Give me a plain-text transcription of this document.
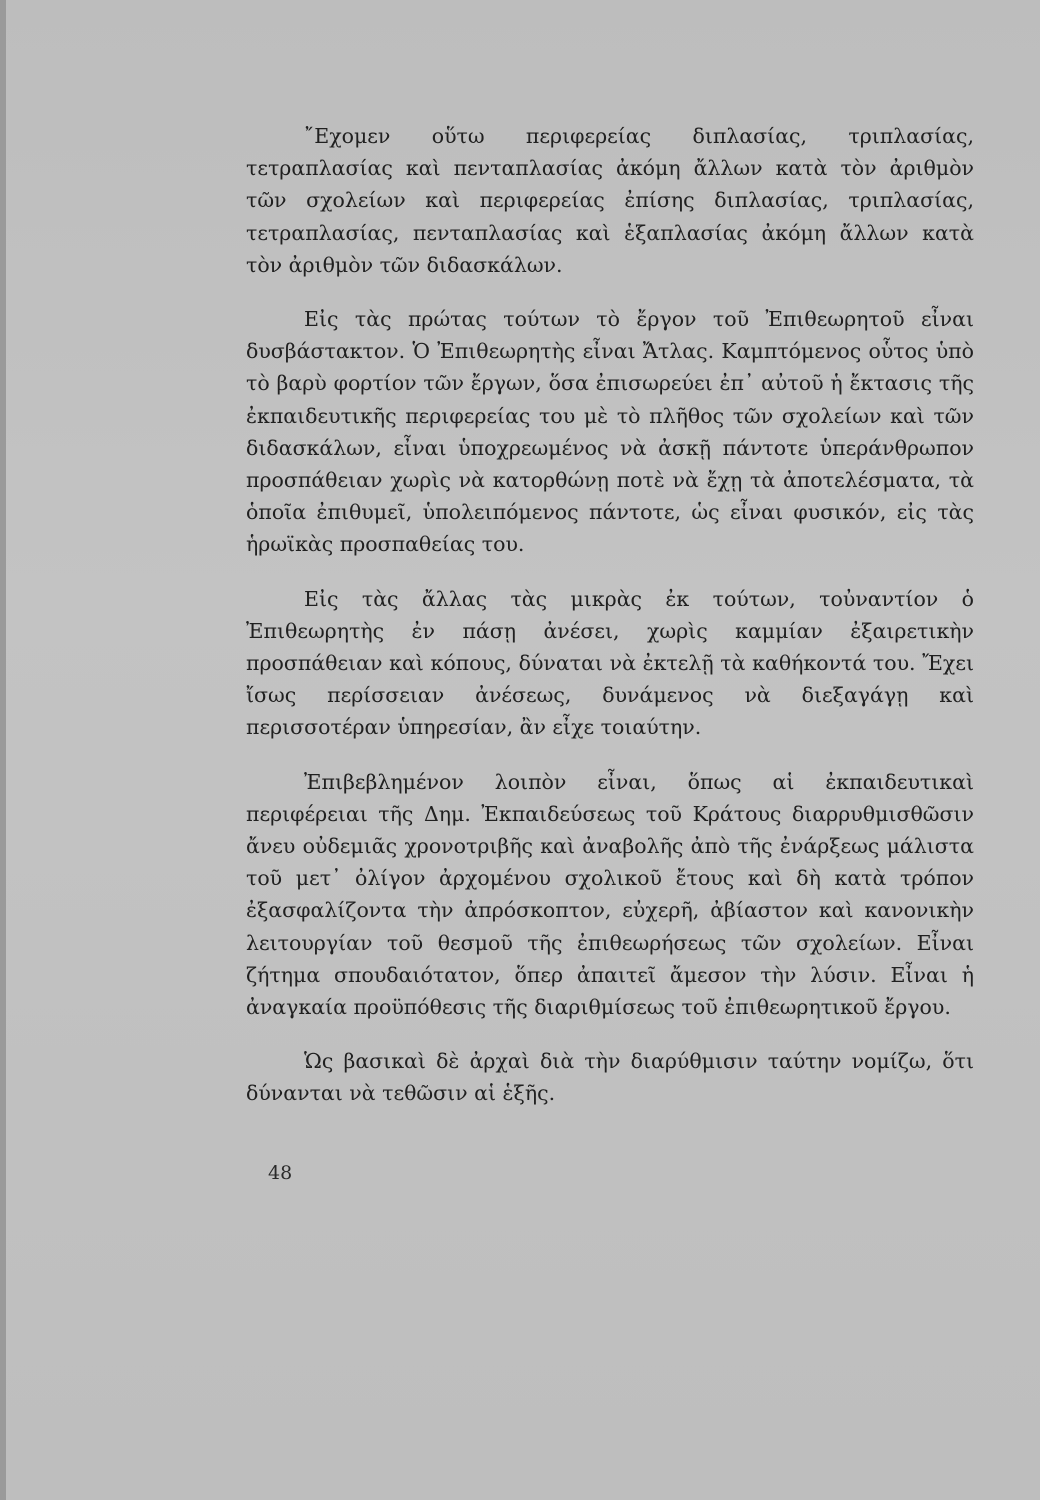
῎Εχομεν οὕτω περιφερείας διπλασίας, τριπλασίας, τετραπλασίας καὶ πενταπλασίας ἀκόμη ἄλλων κατὰ τὸν ἀριθμὸν τῶν σχολείων καὶ περιφερείας ἐπίσης διπλασίας, τριπλασίας, τετραπλασίας, πενταπλασίας καὶ ἑξαπλασίας ἀκόμη ἄλλων κατὰ τὸν ἀριθμὸν τῶν διδασκάλων.

Εἰς τὰς πρώτας τούτων τὸ ἔργον τοῦ Ἐπιθεωρητοῦ εἶναι δυσβάστακτον. Ὁ Ἐπιθεωρητὴς εἶναι Ἄτλας. Καμπτόμενος οὗτος ὑπὸ τὸ βαρὺ φορτίον τῶν ἔργων, ὅσα ἐπισωρεύει ἐπ᾽ αὐτοῦ ἡ ἔκτασις τῆς ἐκπαιδευτικῆς περιφερείας του μὲ τὸ πλῆθος τῶν σχολείων καὶ τῶν διδασκάλων, εἶναι ὑποχρεωμένος νὰ ἀσκῇ πάντοτε ὑπεράνθρωπον προσπάθειαν χωρὶς νὰ κατορθώνῃ ποτὲ νὰ ἔχῃ τὰ ἀποτελέσματα, τὰ ὁποῖα ἐπιθυμεῖ, ὑπολειπόμενος πάντοτε, ὡς εἶναι φυσικόν, εἰς τὰς ἡρωϊκὰς προσπαθείας του.

Εἰς τὰς ἄλλας τὰς μικρὰς ἐκ τούτων, τοὐναντίον ὁ Ἐπιθεωρητὴς ἐν πάσῃ ἀνέσει, χωρὶς καμμίαν ἐξαιρετικὴν προσπάθειαν καὶ κόπους, δύναται νὰ ἐκτελῇ τὰ καθήκοντά του. Ἔχει ἴσως περίσσειαν ἀνέσεως, δυνάμενος νὰ διεξαγάγῃ καὶ περισσοτέραν ὑπηρεσίαν, ἂν εἶχε τοιαύτην.

Ἐπιβεβλημένον λοιπὸν εἶναι, ὅπως αἱ ἐκπαιδευτικαὶ περιφέρειαι τῆς Δημ. Ἐκπαιδεύσεως τοῦ Κράτους διαρρυθμισθῶσιν ἄνευ οὐδεμιᾶς χρονοτριβῆς καὶ ἀναβολῆς ἀπὸ τῆς ἐνάρξεως μάλιστα τοῦ μετ᾽ ὀλίγον ἀρχομένου σχολικοῦ ἔτους καὶ δὴ κατὰ τρόπον ἐξασφαλίζοντα τὴν ἀπρόσκοπτον, εὐχερῆ, ἀβίαστον καὶ κανονικὴν λειτουργίαν τοῦ θεσμοῦ τῆς ἐπιθεωρήσεως τῶν σχολείων. Εἶναι ζήτημα σπουδαιότατον, ὅπερ ἀπαιτεῖ ἄμεσον τὴν λύσιν. Εἶναι ἡ ἀναγκαία προϋπόθεσις τῆς διαριθμίσεως τοῦ ἐπιθεωρητικοῦ ἔργου.

Ὡς βασικαὶ δὲ ἀρχαὶ διὰ τὴν διαρύθμισιν ταύτην νομίζω, ὅτι δύνανται νὰ τεθῶσιν αἱ ἑξῆς.

48
